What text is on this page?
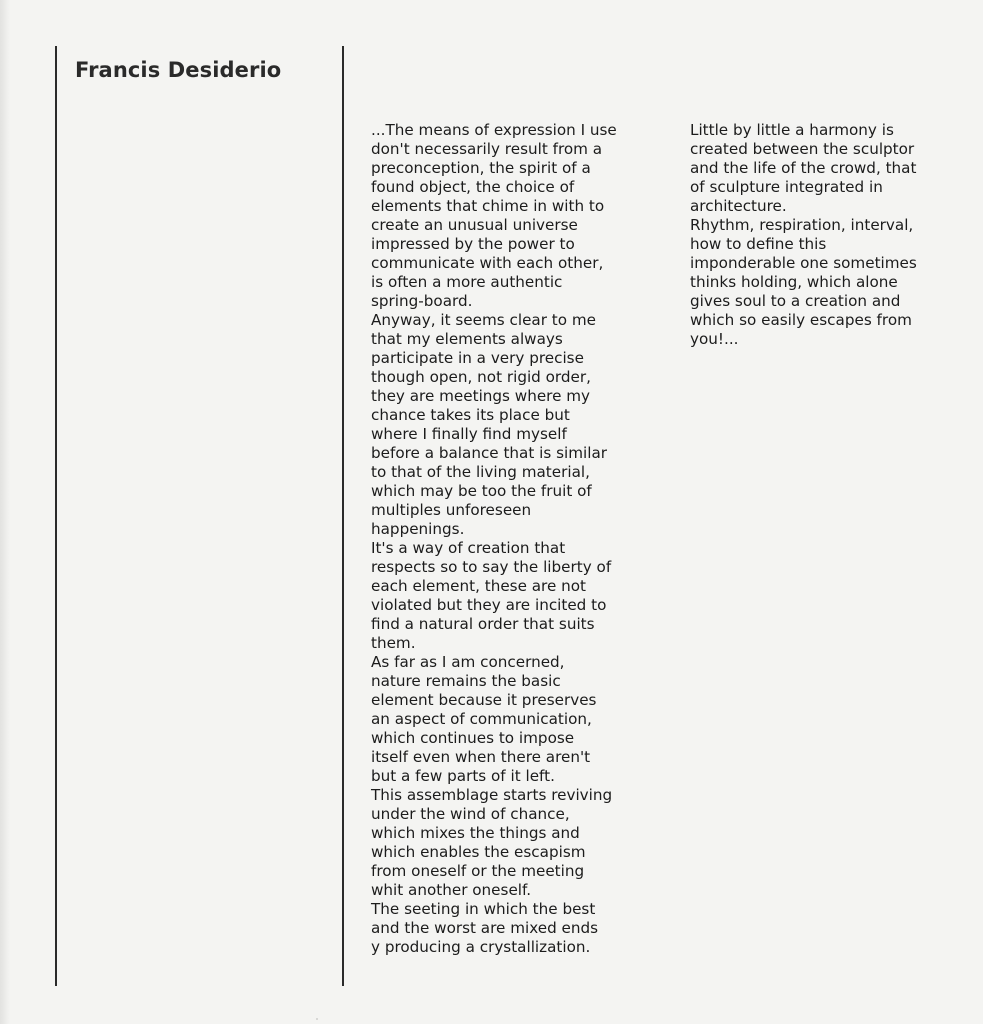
Francis Desiderio
...The means of expression I use
don't necessarily result from a
preconception, the spirit of a
found object, the choice of
elements that chime in with to
create an unusual universe
impressed by the power to
communicate with each other,
is often a more authentic
spring-board.
Anyway, it seems clear to me
that my elements always
participate in a very precise
though open, not rigid order,
they are meetings where my
chance takes its place but
where I finally find myself
before a balance that is similar
to that of the living material,
which may be too the fruit of
multiples unforeseen
happenings.
It's a way of creation that
respects so to say the liberty of
each element, these are not
violated but they are incited to
find a natural order that suits
them.
As far as I am concerned,
nature remains the basic
element because it preserves
an aspect of communication,
which continues to impose
itself even when there aren't
but a few parts of it left.
This assemblage starts reviving
under the wind of chance,
which mixes the things and
which enables the escapism
from oneself or the meeting
whit another oneself.
The seeting in which the best
and the worst are mixed ends
y producing a crystallization.
Little by little a harmony is
created between the sculptor
and the life of the crowd, that
of sculpture integrated in
architecture.
Rhythm, respiration, interval,
how to define this
imponderable one sometimes
thinks holding, which alone
gives soul to a creation and
which so easily escapes from
you!...
